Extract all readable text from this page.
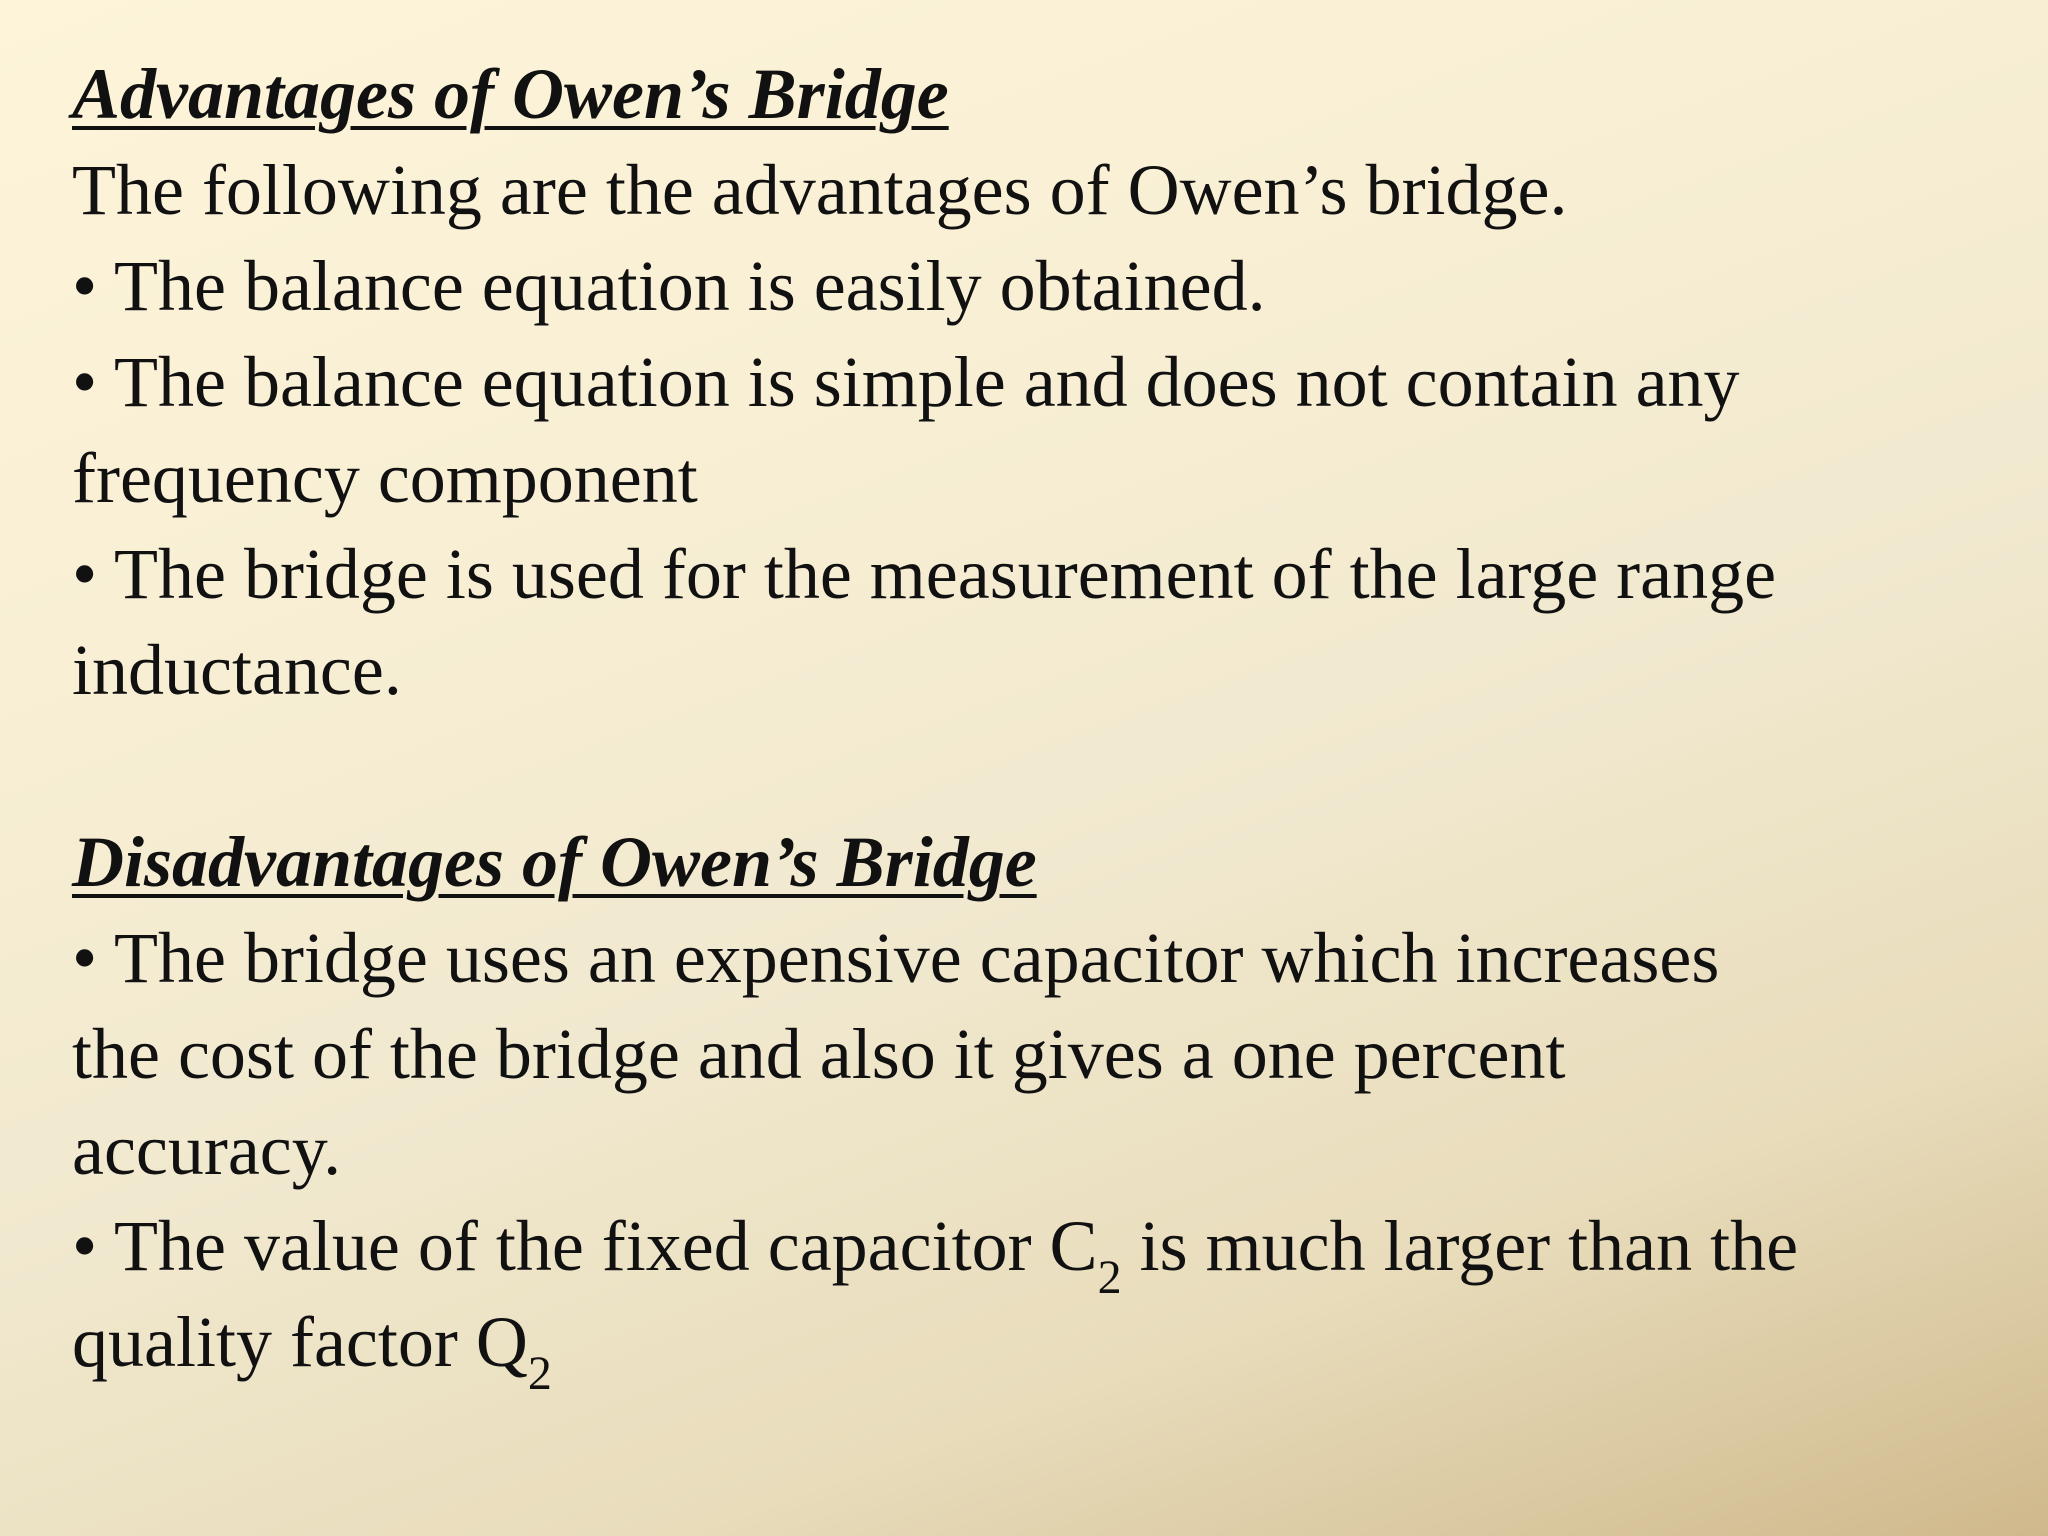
Advantages of Owen’s Bridge

The following are the advantages of Owen’s bridge.

• The balance equation is easily obtained.

• The balance equation is simple and does not contain any

frequency component

• The bridge is used for the measurement of the large range

inductance.

Disadvantages of Owen’s Bridge

• The bridge uses an expensive capacitor which increases

the cost of the bridge and also it gives a one percent

accuracy.

• The value of the fixed capacitor $C_2$ is much larger than the

quality factor $Q_2$
